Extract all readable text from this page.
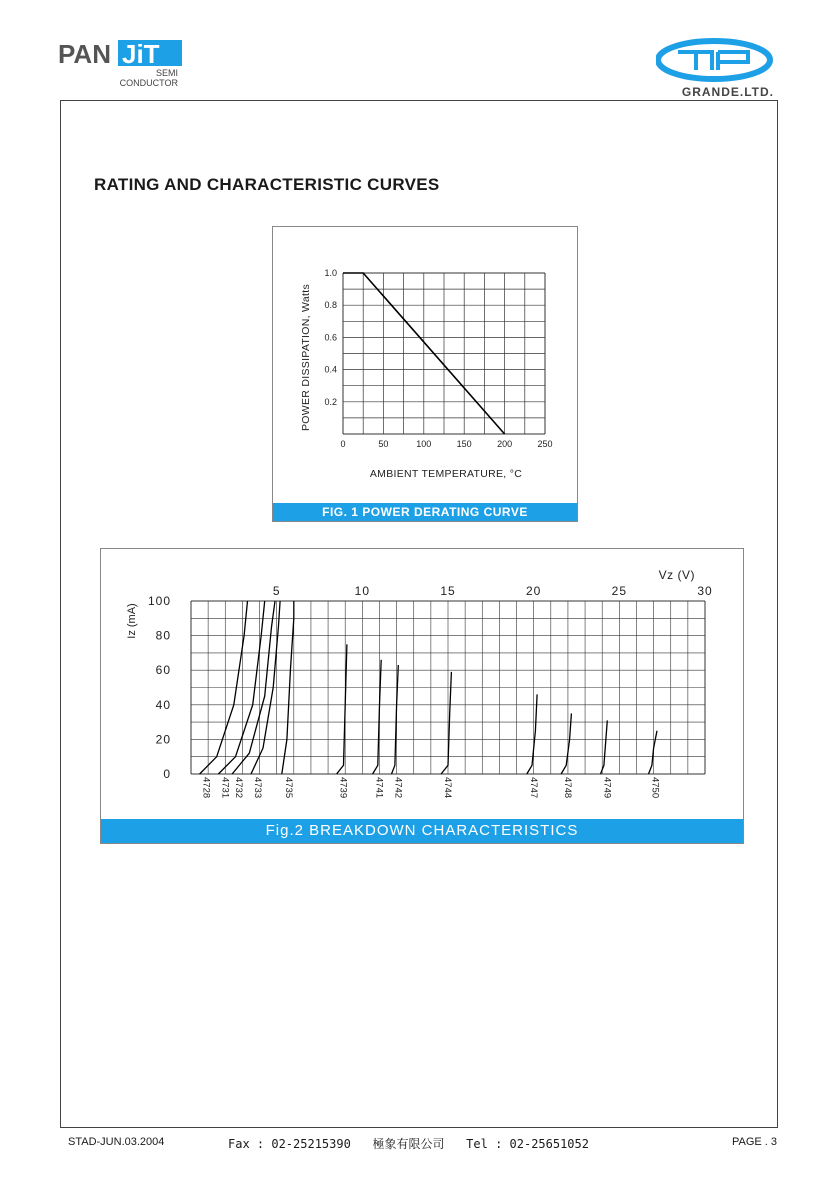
PAN JiT
SEMI
CONDUCTOR
GRANDE.LTD.
RATING AND CHARACTERISTIC CURVES
0	50	100	150	200	250
0.2
0.4
0.6
0.8
1.0
AMBIENT TEMPERATURE, °C
POWER DISSIPATION, Watts
FIG. 1 POWER DERATING CURVE
5	10	15	20	25	30
0
20
40
60
80
100
Vz (V)
Iz (mA)
4728 4731 4732 4733 4735	4739	4741 4742	4744	4747 4748	4749	4750
Fig.2 BREAKDOWN CHARACTERISTICS
STAD-JUN.03.2004	Fax : 02-25215390   極象有限公司   Tel : 02-25651052	PAGE . 3
